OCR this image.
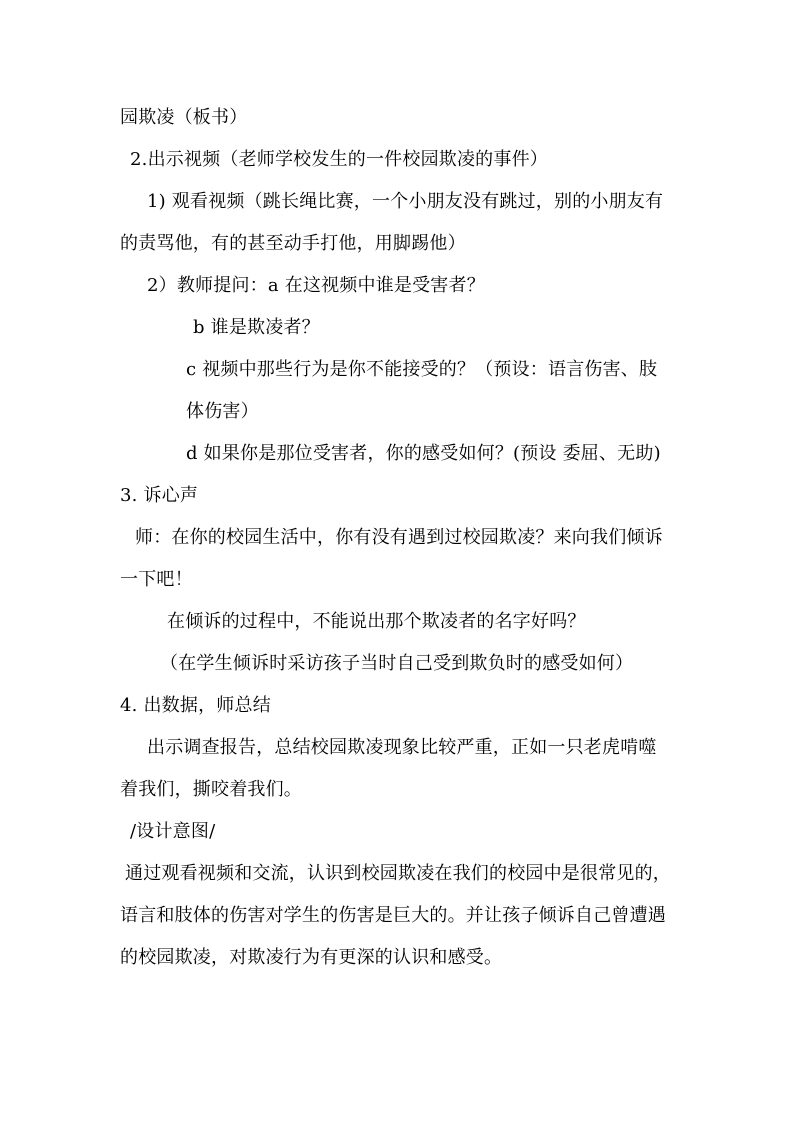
园欺凌（板书）
2.出示视频（老师学校发生的一件校园欺凌的事件）
1) 观看视频（跳长绳比赛，一个小朋友没有跳过，别的小朋友有
的责骂他，有的甚至动手打他，用脚踢他）
2）教师提问：a 在这视频中谁是受害者？
b 谁是欺凌者？
c 视频中那些行为是你不能接受的？（预设：语言伤害、肢
体伤害）
d 如果你是那位受害者，你的感受如何？(预设 委屈、无助)
3. 诉心声
师：在你的校园生活中，你有没有遇到过校园欺凌？来向我们倾诉
一下吧！
在倾诉的过程中，不能说出那个欺凌者的名字好吗？
（在学生倾诉时采访孩子当时自己受到欺负时的感受如何）
4. 出数据，师总结
出示调查报告，总结校园欺凌现象比较严重，正如一只老虎啃噬
着我们，撕咬着我们。
/设计意图/
通过观看视频和交流，认识到校园欺凌在我们的校园中是很常见的，
语言和肢体的伤害对学生的伤害是巨大的。并让孩子倾诉自己曾遭遇
的校园欺凌，对欺凌行为有更深的认识和感受。
